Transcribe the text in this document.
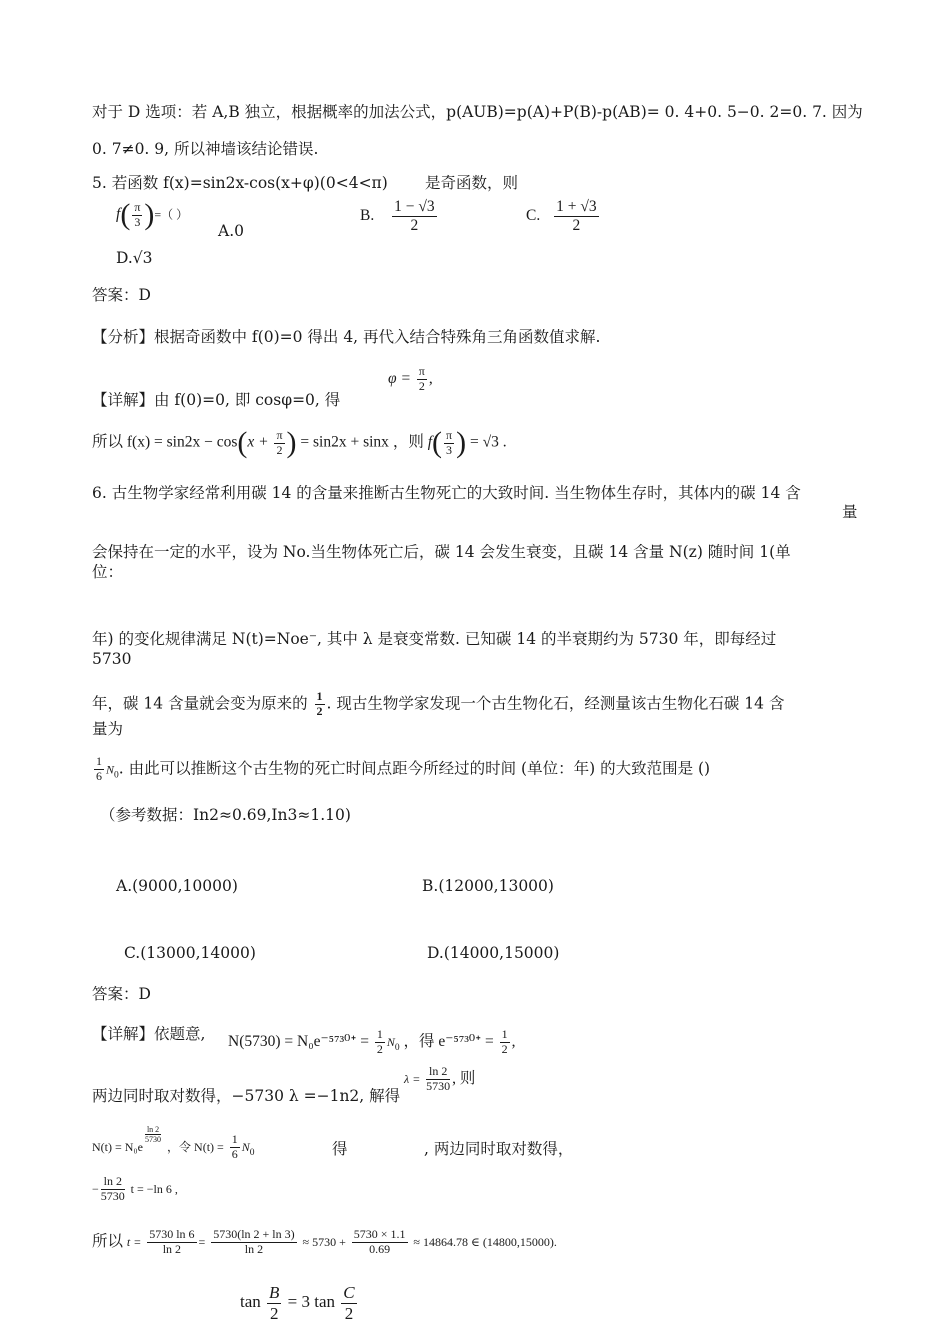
对于 D 选项：若 A,B 独立，根据概率的加法公式，p(AUB)=p(A)+P(B)-p(AB)= 0. 4+0. 5−0. 2=0. 7. 因为
0. 7≠0. 9, 所以神墙该结论错误.
5. 若函数 f(x)=sin2x-cos(x+φ)(0<4<π) 是奇函数，则
$f( \frac{\pi}{3}$ )=（ ）
A.0
B. $\frac{1 - √3}{2}$	C. $\frac{1 + √3}{2}$
D.√3
答案：D
【分析】根据奇函数中 f(0)=0 得出 4, 再代入结合特殊角三角函数值求解.
【详解】由 f(0)=0, 即 cosφ=0, 得
$\varphi = \frac{\pi}{2}$ ,
所以 $f(x) = \sin 2x - \cos(x + \frac{\pi}{2}$ ) = sin2x + sinx ，则 $f( \frac{\pi}{3}$ ) = √3 .
6. 古生物学家经常利用碳 14 的含量来推断古生物死亡的大致时间. 当生物体生存时，其体内的碳 14 含
量
会保持在一定的水平，设为 No.当生物体死亡后，碳 14 会发生衰变，且碳 14 含量 N(z) 随时间 1(单
位：
年) 的变化规律满足 N(t)=Noe⁻, 其中 λ 是衰变常数. 已知碳 14 的半衰期约为 5730 年，即每经过
5730
年，碳 14 含量就会变为原来的 $\frac{1}{2}$ . 现古生物学家发现一个古生物化石，经测量该古生物化石碳 14 含
量为
$\frac{1}{6} N_0$. 由此可以推断这个古生物的死亡时间点距今所经过的时间 (单位：年) 的大致范围是 ()
（参考数据：In2≈0.69,In3≈1.10)
A.(9000,10000)	B.(12000,13000)
C.(13000,14000)	D.(14000,15000)
答案：D
【详解】依题意, N(5730) = N₀e⁻⁵⁷³⁰ᐩ = $\frac{1}{2} N_0$ ，得 e⁻⁵⁷³⁰ᐩ = $\frac{1}{2}$ ,
两边同时取对数得，−5730 λ =−1n2, 解得
$\lambda = \frac{\ln 2}{5730}$ , 则
N(t) = N₀e
$^{\frac{\ln 2}{5730}}$
，令 $N(t) = \frac{1}{6} N_0$	得	, 两边同时取对数得，
− $\frac{\ln 2}{5730}$ t = −ln 6 ,
所以 $t = \frac{5730 \ln 6}{\ln 2} = \frac{5730(\ln 2 + \ln 3)}{\ln 2} \approx 5730 + \frac{5730 \times 1.1}{0.69} \approx 14864.78$ ∈ (14800,15000).
$\tan \frac{B}{2} = 3$ $\tan \frac{C}{2}$
